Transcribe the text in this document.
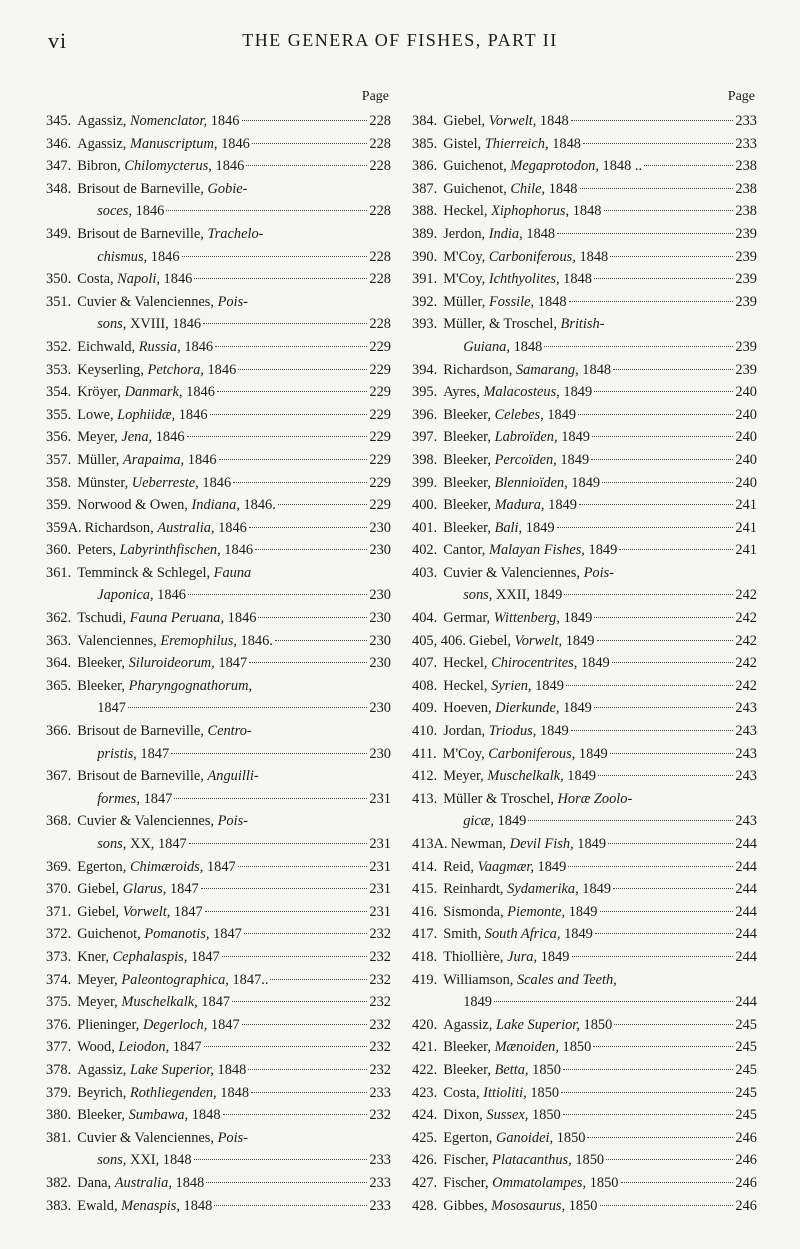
vi	THE GENERA OF FISHES, PART II
Page
345. Agassiz, Nomenclator, 1846	228
346. Agassiz, Manuscriptum, 1846	228
347. Bibron, Chilomycterus, 1846	228
348. Brisout de Barneville, Gobie-
soces, 1846	228
349. Brisout de Barneville, Trachelo-
chismus, 1846	228
350. Costa, Napoli, 1846	228
351. Cuvier & Valenciennes, Pois-
sons, XVIII, 1846	228
352. Eichwald, Russia, 1846	229
353. Keyserling, Petchora, 1846	229
354. Kröyer, Danmark, 1846	229
355. Lowe, Lophiidæ, 1846	229
356. Meyer, Jena, 1846	229
357. Müller, Arapaima, 1846	229
358. Münster, Ueberreste, 1846	229
359. Norwood & Owen, Indiana, 1846.	229
359A. Richardson, Australia, 1846	230
360. Peters, Labyrinthfischen, 1846	230
361. Temminck & Schlegel, Fauna
Japonica, 1846	230
362. Tschudi, Fauna Peruana, 1846	230
363. Valenciennes, Eremophilus, 1846.	230
364. Bleeker, Siluroideorum, 1847	230
365. Bleeker, Pharyngognathorum,
1847	230
366. Brisout de Barneville, Centro-
pristis, 1847	230
367. Brisout de Barneville, Anguilli-
formes, 1847	231
368. Cuvier & Valenciennes, Pois-
sons, XX, 1847	231
369. Egerton, Chimæroids, 1847	231
370. Giebel, Glarus, 1847	231
371. Giebel, Vorwelt, 1847	231
372. Guichenot, Pomanotis, 1847	232
373. Kner, Cephalaspis, 1847	232
374. Meyer, Paleontographica, 1847..	232
375. Meyer, Muschelkalk, 1847	232
376. Plieninger, Degerloch, 1847	232
377. Wood, Leiodon, 1847	232
378. Agassiz, Lake Superior, 1848	232
379. Beyrich, Rothliegenden, 1848	233
380. Bleeker, Sumbawa, 1848	232
381. Cuvier & Valenciennes, Pois-
sons, XXI, 1848	233
382. Dana, Australia, 1848	233
383. Ewald, Menaspis, 1848	233
Page
384. Giebel, Vorwelt, 1848	233
385. Gistel, Thierreich, 1848	233
386. Guichenot, Megaprotodon, 1848 ..	238
387. Guichenot, Chile, 1848	238
388. Heckel, Xiphophorus, 1848	238
389. Jerdon, India, 1848	239
390. M'Coy, Carboniferous, 1848	239
391. M'Coy, Ichthyolites, 1848	239
392. Müller, Fossile, 1848	239
393. Müller, & Troschel, British-
Guiana, 1848	239
394. Richardson, Samarang, 1848	239
395. Ayres, Malacosteus, 1849	240
396. Bleeker, Celebes, 1849	240
397. Bleeker, Labroïden, 1849	240
398. Bleeker, Percoïden, 1849	240
399. Bleeker, Blennioïden, 1849	240
400. Bleeker, Madura, 1849	241
401. Bleeker, Bali, 1849	241
402. Cantor, Malayan Fishes, 1849	241
403. Cuvier & Valenciennes, Pois-
sons, XXII, 1849	242
404. Germar, Wittenberg, 1849	242
405, 406. Giebel, Vorwelt, 1849	242
407. Heckel, Chirocentrites, 1849	242
408. Heckel, Syrien, 1849	242
409. Hoeven, Dierkunde, 1849	243
410. Jordan, Triodus, 1849	243
411. M'Coy, Carboniferous, 1849	243
412. Meyer, Muschelkalk, 1849	243
413. Müller & Troschel, Horæ Zoolo-
gicæ, 1849	243
413A. Newman, Devil Fish, 1849	244
414. Reid, Vaagmær, 1849	244
415. Reinhardt, Sydamerika, 1849	244
416. Sismonda, Piemonte, 1849	244
417. Smith, South Africa, 1849	244
418. Thiollière, Jura, 1849	244
419. Williamson, Scales and Teeth,
1849	244
420. Agassiz, Lake Superior, 1850	245
421. Bleeker, Mænoiden, 1850	245
422. Bleeker, Betta, 1850	245
423. Costa, Ittioliti, 1850	245
424. Dixon, Sussex, 1850	245
425. Egerton, Ganoidei, 1850	246
426. Fischer, Platacanthus, 1850	246
427. Fischer, Ommatolampes, 1850	246
428. Gibbes, Mososaurus, 1850	246
